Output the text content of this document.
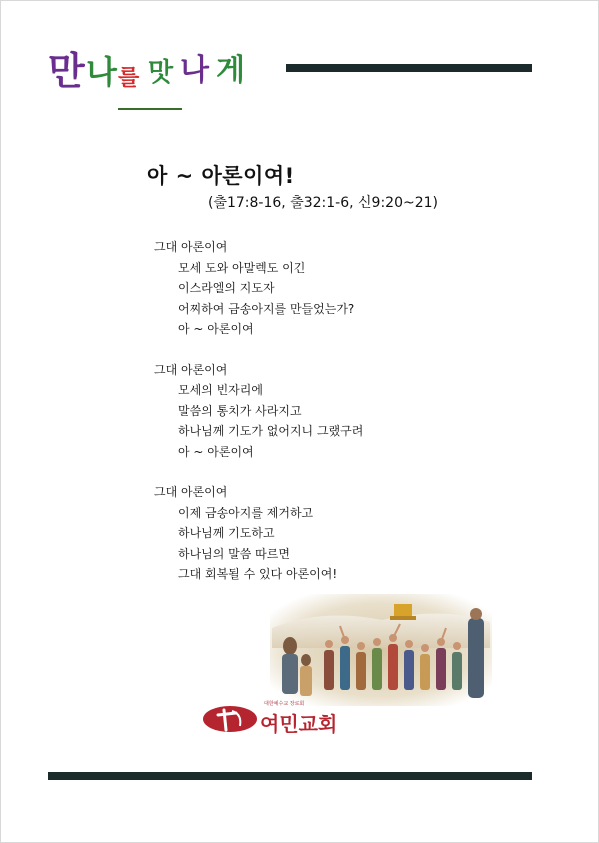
만 나 를 맛 나 게
아 ~ 아론이여!

(출17:8-16, 출32:1-6, 신9:20~21)

그대 아론이여
모세 도와 아말렉도 이긴
이스라엘의 지도자
어찌하여 금송아지를 만들었는가?
아 ~ 아론이여
그대 아론이여
모세의 빈자리에
말씀의 통치가 사라지고
하나님께 기도가 없어지니 그랬구려
아 ~ 아론이여
그대 아론이여
이제 금송아지를 제거하고
하나님께 기도하고
하나님의 말씀 따르면
그대 회복될 수 있다 아론이여!
대한예수교 장로회
여민교회
